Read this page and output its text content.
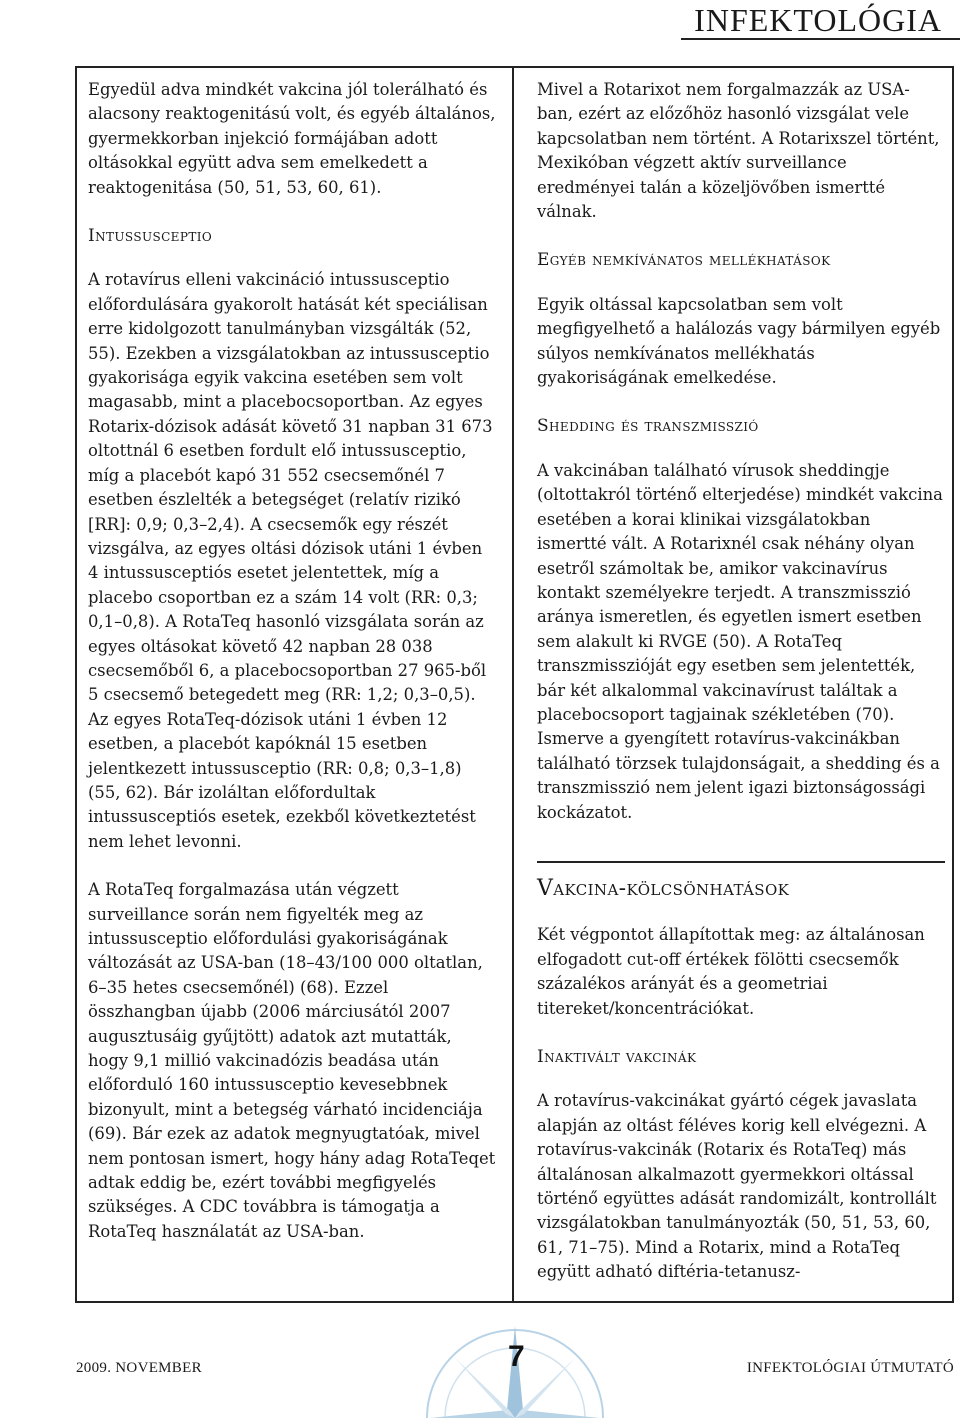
INFEKTOLÓGIA

Egyedül adva mindkét vakcina jól tolerálható és alacsony reaktogenitású volt, és egyéb általános, gyermekkorban injekció formájában adott oltásokkal együtt adva sem emelkedett a reaktogenitása (50, 51, 53, 60, 61).

Intussusceptio

A rotavírus elleni vakcináció intussusceptio előfordulására gyakorolt hatását két speciálisan erre kidolgozott tanulmányban vizsgálták (52, 55). Ezekben a vizsgálatokban az intussusceptio gyakorisága egyik vakcina esetében sem volt magasabb, mint a placebocsoportban. Az egyes Rotarix-dózisok adását követő 31 napban 31 673 oltottnál 6 esetben fordult elő intussusceptio, míg a placebót kapó 31 552 csecsemőnél 7 esetben észlelték a betegséget (relatív rizikó [RR]: 0,9; 0,3–2,4). A csecsemők egy részét vizsgálva, az egyes oltási dózisok utáni 1 évben 4 intussusceptiós esetet jelentettek, míg a placebo csoportban ez a szám 14 volt (RR: 0,3; 0,1–0,8). A RotaTeq hasonló vizsgálata során az egyes oltásokat követő 42 napban 28 038 csecsemőből 6, a placebocsoportban 27 965-ből 5 csecsemő betegedett meg (RR: 1,2; 0,3–0,5). Az egyes RotaTeq-dózisok utáni 1 évben 12 esetben, a placebót kapóknál 15 esetben jelentkezett intussusceptio (RR: 0,8; 0,3–1,8) (55, 62). Bár izoláltan előfordultak intussusceptiós esetek, ezekből következtetést nem lehet levonni.

A RotaTeq forgalmazása után végzett surveillance során nem figyelték meg az intussusceptio előfordulási gyakoriságának változását az USA-ban (18–43/100 000 oltatlan, 6–35 hetes csecsemőnél) (68). Ezzel összhangban újabb (2006 márciusától 2007 augusztusáig gyűjtött) adatok azt mutatták, hogy 9,1 millió vakcinadózis beadása után előforduló 160 intussusceptio kevesebbnek bizonyult, mint a betegség várható incidenciája (69). Bár ezek az adatok megnyugtatóak, mivel nem pontosan ismert, hogy hány adag RotaTeqet adtak eddig be, ezért további megfigyelés szükséges. A CDC továbbra is támogatja a RotaTeq használatát az USA-ban.

Mivel a Rotarixot nem forgalmazzák az USA-ban, ezért az előzőhöz hasonló vizsgálat vele kapcsolatban nem történt. A Rotarixszel történt, Mexikóban végzett aktív surveillance eredményei talán a közeljövőben ismertté válnak.

Egyéb nemkívánatos mellékhatások

Egyik oltással kapcsolatban sem volt megfigyelhető a halálozás vagy bármilyen egyéb súlyos nemkívánatos mellékhatás gyakoriságának emelkedése.

Shedding és transzmisszió

A vakcinában található vírusok sheddingje (oltottakról történő elterjedése) mindkét vakcina esetében a korai klinikai vizsgálatokban ismertté vált. A Rotarixnél csak néhány olyan esetről számoltak be, amikor vakcinavírus kontakt személyekre terjedt. A transzmisszió aránya ismeretlen, és egyetlen ismert esetben sem alakult ki RVGE (50). A RotaTeq transzmisszióját egy esetben sem jelentették, bár két alkalommal vakcinavírust találtak a placebocsoport tagjainak székletében (70). Ismerve a gyengített rotavírus-vakcinákban található törzsek tulajdonságait, a shedding és a transzmisszió nem jelent igazi biztonságossági kockázatot.

Vakcina-kölcsönhatások

Két végpontot állapítottak meg: az általánosan elfogadott cut-off értékek fölötti csecsemők százalékos arányát és a geometriai titereket/koncentrációkat.

Inaktivált vakcinák

A rotavírus-vakcinákat gyártó cégek javaslata alapján az oltást féléves korig kell elvégezni. A rotavírus-vakcinák (Rotarix és RotaTeq) más általánosan alkalmazott gyermekkori oltással történő együttes adását randomizált, kontrollált vizsgálatokban tanulmányozták (50, 51, 53, 60, 61, 71–75). Mind a Rotarix, mind a RotaTeq együtt adható diftéria-tetanusz-

2009. NOVEMBER	7	INFEKTOLÓGIAI ÚTMUTATÓ
